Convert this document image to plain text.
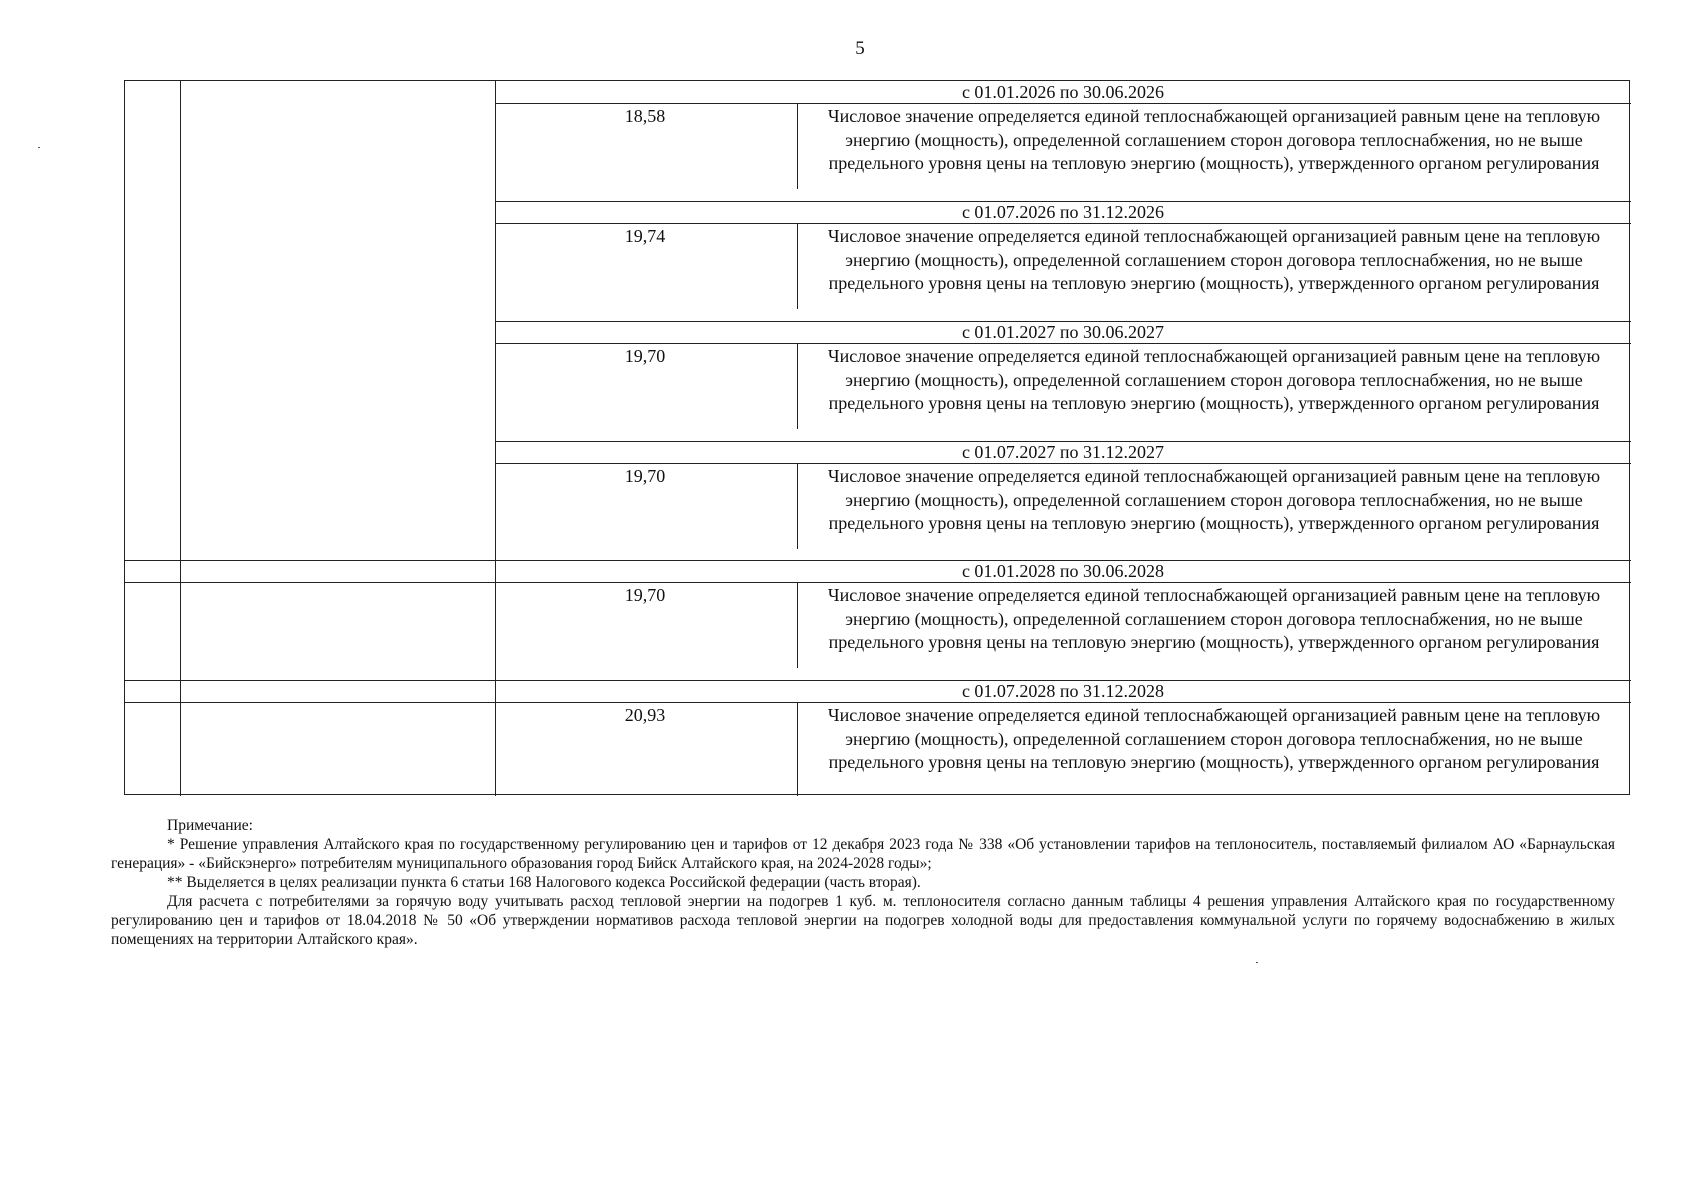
5
с 01.01.2026 по 30.06.2026
18,58	Числовое значение определяется единой теплоснабжающей организацией равным цене на тепловую энергию (мощность), определенной соглашением сторон договора теплоснабжения, но не выше предельного уровня цены на тепловую энергию (мощность), утвержденного органом регулирования
с 01.07.2026 по 31.12.2026
19,74	Числовое значение определяется единой теплоснабжающей организацией равным цене на тепловую энергию (мощность), определенной соглашением сторон договора теплоснабжения, но не выше предельного уровня цены на тепловую энергию (мощность), утвержденного органом регулирования
с 01.01.2027 по 30.06.2027
19,70	Числовое значение определяется единой теплоснабжающей организацией равным цене на тепловую энергию (мощность), определенной соглашением сторон договора теплоснабжения, но не выше предельного уровня цены на тепловую энергию (мощность), утвержденного органом регулирования
с 01.07.2027 по 31.12.2027
19,70	Числовое значение определяется единой теплоснабжающей организацией равным цене на тепловую энергию (мощность), определенной соглашением сторон договора теплоснабжения, но не выше предельного уровня цены на тепловую энергию (мощность), утвержденного органом регулирования
с 01.01.2028 по 30.06.2028
19,70	Числовое значение определяется единой теплоснабжающей организацией равным цене на тепловую энергию (мощность), определенной соглашением сторон договора теплоснабжения, но не выше предельного уровня цены на тепловую энергию (мощность), утвержденного органом регулирования
с 01.07.2028 по 31.12.2028
20,93	Числовое значение определяется единой теплоснабжающей организацией равным цене на тепловую энергию (мощность), определенной соглашением сторон договора теплоснабжения, но не выше предельного уровня цены на тепловую энергию (мощность), утвержденного органом регулирования

Примечание:

* Решение управления Алтайского края по государственному регулированию цен и тарифов от 12 декабря 2023 года № 338 «Об установлении тарифов на теплоноситель, поставляемый филиалом АО «Барнаульская генерация» - «Бийскэнерго» потребителям муниципального образования город Бийск Алтайского края, на 2024-2028 годы»;

** Выделяется в целях реализации пункта 6 статьи 168 Налогового кодекса Российской федерации (часть вторая).

Для расчета с потребителями за горячую воду учитывать расход тепловой энергии на подогрев 1 куб. м. теплоносителя согласно данным таблицы 4 решения управления Алтайского края по государственному регулированию цен и тарифов от 18.04.2018 № 50 «Об утверждении нормативов расхода тепловой энергии на подогрев холодной воды для предоставления коммунальной услуги по горячему водоснабжению в жилых помещениях на территории Алтайского края».
